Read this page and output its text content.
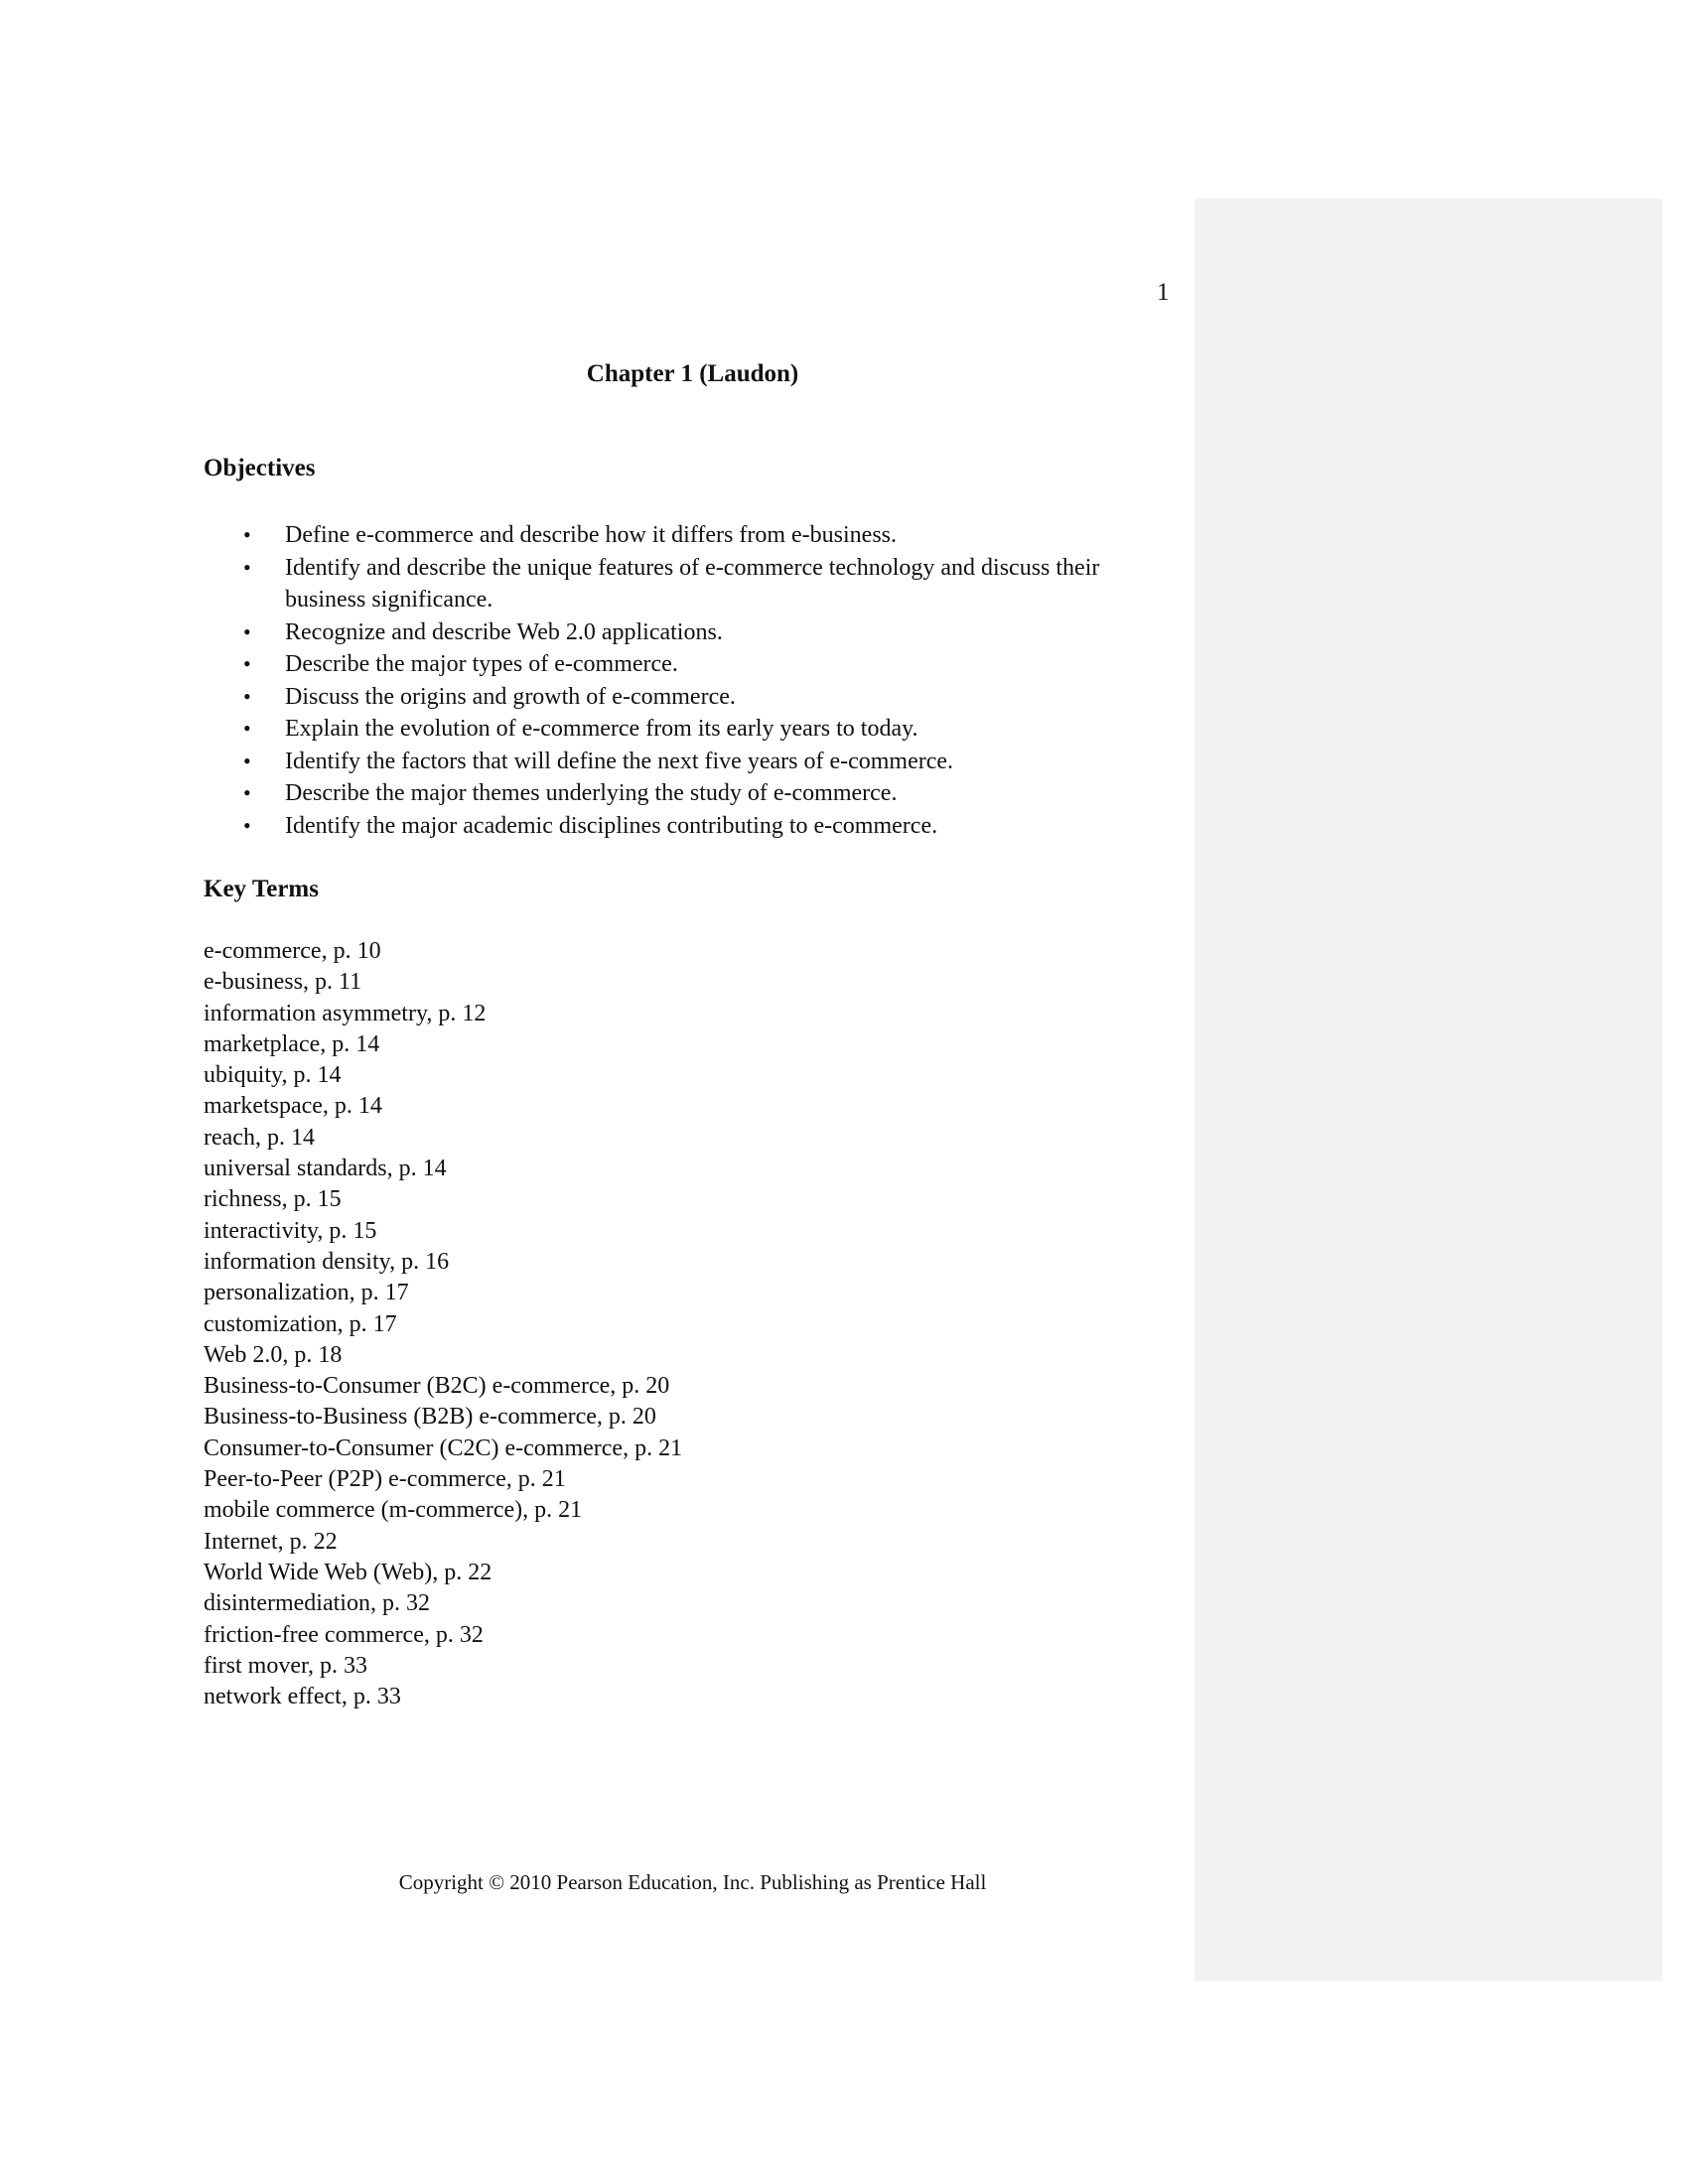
1
Chapter 1 (Laudon)
Objectives
• Define e-commerce and describe how it differs from e-business.
• Identify and describe the unique features of e-commerce technology and discuss their business significance.
• Recognize and describe Web 2.0 applications.
• Describe the major types of e-commerce.
• Discuss the origins and growth of e-commerce.
• Explain the evolution of e-commerce from its early years to today.
• Identify the factors that will define the next five years of e-commerce.
• Describe the major themes underlying the study of e-commerce.
• Identify the major academic disciplines contributing to e-commerce.
Key Terms
e-commerce, p. 10
e-business, p. 11
information asymmetry, p. 12
marketplace, p. 14
ubiquity, p. 14
marketspace, p. 14
reach, p. 14
universal standards, p. 14
richness, p. 15
interactivity, p. 15
information density, p. 16
personalization, p. 17
customization, p. 17
Web 2.0, p. 18
Business-to-Consumer (B2C) e-commerce, p. 20
Business-to-Business (B2B) e-commerce, p. 20
Consumer-to-Consumer (C2C) e-commerce, p. 21
Peer-to-Peer (P2P) e-commerce, p. 21
mobile commerce (m-commerce), p. 21
Internet, p. 22
World Wide Web (Web), p. 22
disintermediation, p. 32
friction-free commerce, p. 32
first mover, p. 33
network effect, p. 33
Copyright © 2010 Pearson Education, Inc. Publishing as Prentice Hall
